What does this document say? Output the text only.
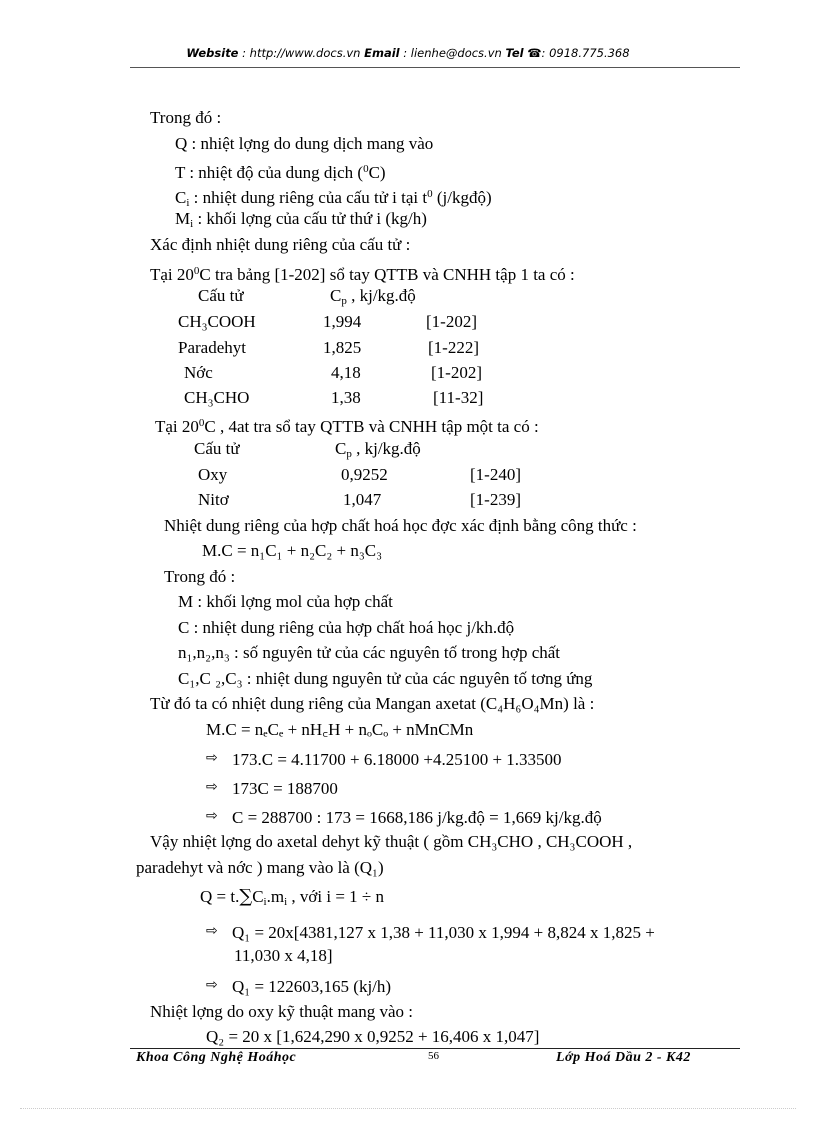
Website : http://www.docs.vn Email : lienhe@docs.vn Tel ☎: 0918.775.368
Trong đó :
Q : nhiệt lợng do dung dịch mang vào
T : nhiệt độ của dung dịch ($^0$C)
$C_i$ : nhiệt dung riêng của cấu tử i tại $t^0$ (j/kgđộ)
$M_i$ : khối lợng của cấu tử thứ i (kg/h)
Xác định nhiệt dung riêng của cấu tử :
Tại $20^0C$ tra bảng [1-202] sổ tay QTTB và CNHH tập 1 ta có :
Cấu tử	$C_p$ , kj/kg.độ
CH₃COOH	1,994	[1-202]
Paradehyt	1,825	[1-222]
Nớc	4,18	[1-202]
CH₃CHO	1,38	[11-32]
Tại $20^0C$ , 4at tra sổ tay QTTB và CNHH tập một ta có :
Cấu tử	$C_p$ , kj/kg.độ
Oxy	0,9252	[1-240]
Nitơ	1,047	[1-239]
Nhiệt dung riêng của hợp chất hoá học đợc xác định bằng công thức :
M.C = n₁C₁ + n₂C₂ + n₃C₃
Trong đó :
M : khối lợng mol của hợp chất
C : nhiệt dung riêng của hợp chất hoá học j/kh.độ
n₁,n₂,n₃ : số nguyên tử của các nguyên tố trong hợp chất
C₁,C ₂,C₃ : nhiệt dung nguyên tử của các nguyên tố tơng ứng
Từ đó ta có nhiệt dung riêng của Mangan axetat (C₄H₆O₄Mn) là :
M.C = nₑCₑ + nH꜀H + nₒCₒ + nMnCMn
⇨ 173.C = 4.11700 + 6.18000 +4.25100 + 1.33500
⇨ 173C = 188700
⇨ C = 288700 : 173 = 1668,186 j/kg.độ = 1,669 kj/kg.độ
Vậy nhiệt lợng do axetal dehyt kỹ thuật ( gồm CH₃CHO , CH₃COOH ,
paradehyt và nớc ) mang vào là (Q₁)
$Q = t.\sum C_i.m_i$ , với i = 1 ÷ n
⇨ Q₁ = 20x[4381,127 x 1,38 + 11,030 x 1,994 + 8,824 x 1,825 +
11,030 x 4,18]
⇨ Q₁ = 122603,165 (kj/h)
Nhiệt lợng do oxy kỹ thuật mang vào :
Q₂ = 20 x [1,624,290 x 0,9252 + 16,406 x 1,047]
Khoa Công Nghệ Hoáhọc	56	Lớp Hoá Dầu 2 - K42
